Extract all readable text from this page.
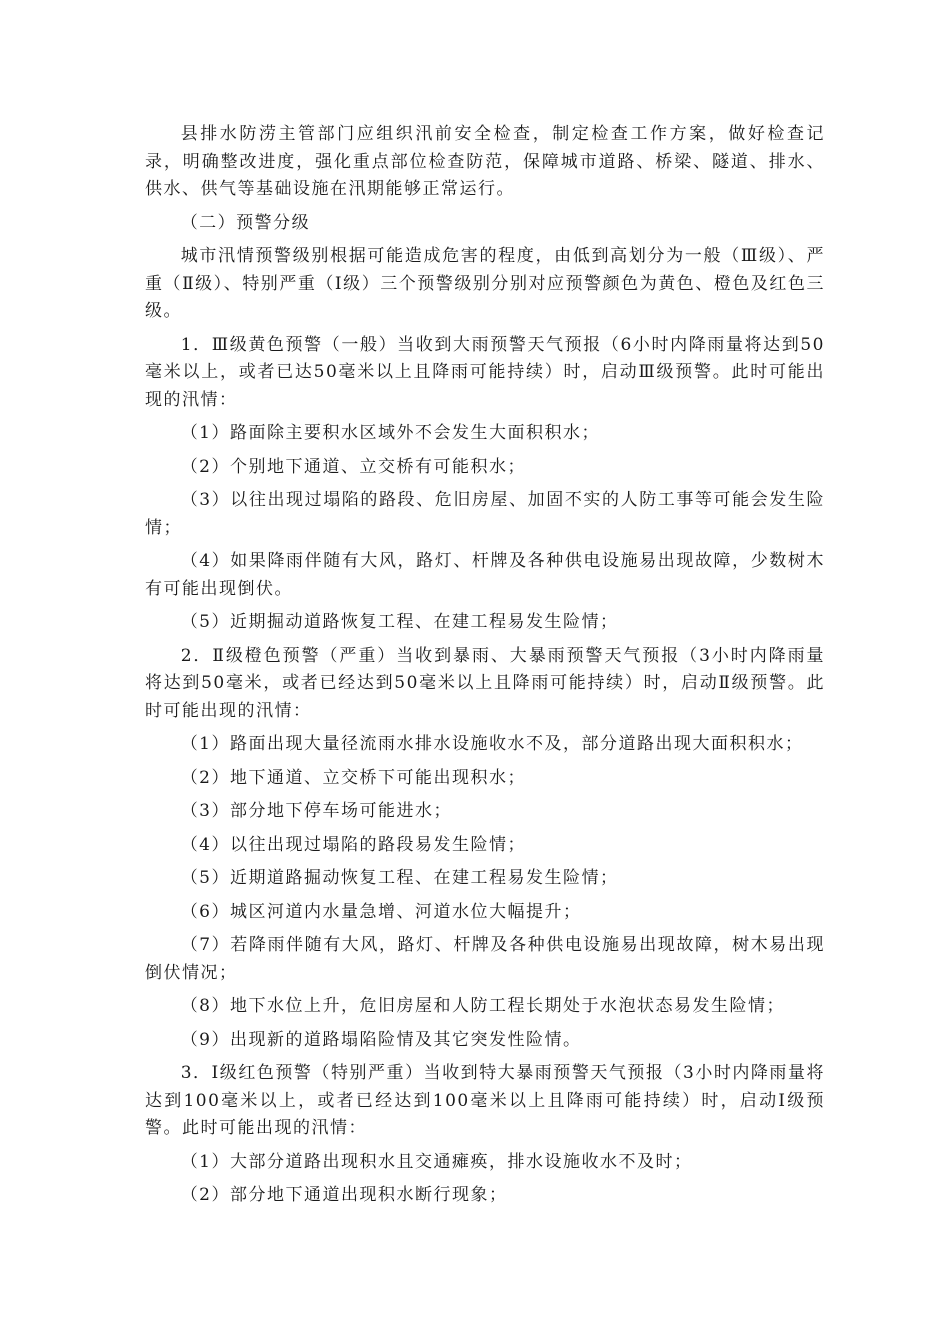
县排水防涝主管部门应组织汛前安全检查，制定检查工作方案，做好检查记录，明确整改进度，强化重点部位检查防范，保障城市道路、桥梁、隧道、排水、供水、供气等基础设施在汛期能够正常运行。

（二）预警分级

城市汛情预警级别根据可能造成危害的程度，由低到高划分为一般（Ⅲ级）、严重（Ⅱ级）、特别严重（Ⅰ级）三个预警级别分别对应预警颜色为黄色、橙色及红色三级。

1．Ⅲ级黄色预警（一般）当收到大雨预警天气预报（6小时内降雨量将达到50毫米以上，或者已达50毫米以上且降雨可能持续）时，启动Ⅲ级预警。此时可能出现的汛情：

（1）路面除主要积水区域外不会发生大面积积水；

（2）个别地下通道、立交桥有可能积水；

（3）以往出现过塌陷的路段、危旧房屋、加固不实的人防工事等可能会发生险情；

（4）如果降雨伴随有大风，路灯、杆牌及各种供电设施易出现故障，少数树木有可能出现倒伏。

（5）近期掘动道路恢复工程、在建工程易发生险情；

2．Ⅱ级橙色预警（严重）当收到暴雨、大暴雨预警天气预报（3小时内降雨量将达到50毫米，或者已经达到50毫米以上且降雨可能持续）时，启动Ⅱ级预警。此时可能出现的汛情：

（1）路面出现大量径流雨水排水设施收水不及，部分道路出现大面积积水；

（2）地下通道、立交桥下可能出现积水；

（3）部分地下停车场可能进水；

（4）以往出现过塌陷的路段易发生险情；

（5）近期道路掘动恢复工程、在建工程易发生险情；

（6）城区河道内水量急增、河道水位大幅提升；

（7）若降雨伴随有大风，路灯、杆牌及各种供电设施易出现故障，树木易出现倒伏情况；

（8）地下水位上升，危旧房屋和人防工程长期处于水泡状态易发生险情；

（9）出现新的道路塌陷险情及其它突发性险情。

3．Ⅰ级红色预警（特别严重）当收到特大暴雨预警天气预报（3小时内降雨量将达到100毫米以上，或者已经达到100毫米以上且降雨可能持续）时，启动Ⅰ级预警。此时可能出现的汛情：

（1）大部分道路出现积水且交通瘫痪，排水设施收水不及时；

（2）部分地下通道出现积水断行现象；
